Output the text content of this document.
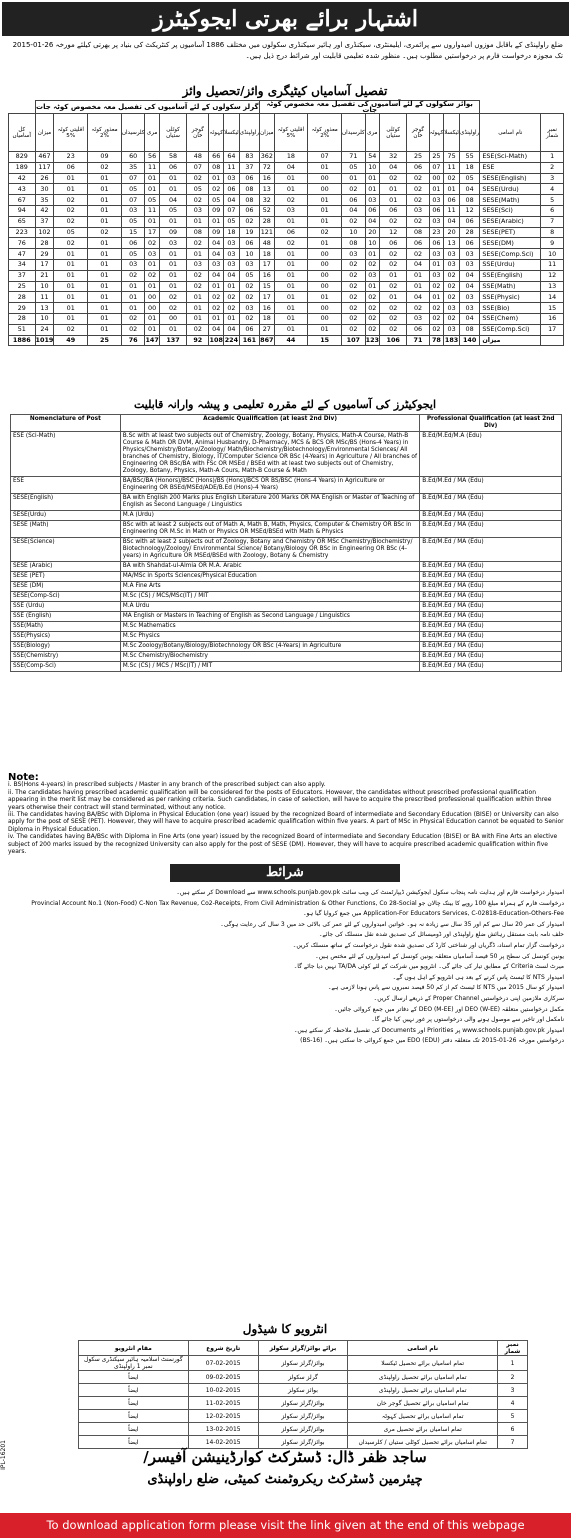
اشتہار برائے بھرتی ایجوکیٹرز
ضلع راولپنڈی کے باقابل موزوں امیدواروں سے پرائمری، ایلیمنٹری، سیکنڈری اور ہائیر سیکنڈری سکولوں میں مختلف 1886 آسامیوں پر کنٹریکٹ کی بنیاد پر بھرتی کیلئے مورخہ 26-01-2015 تک مجوزہ درخواست فارم پر درخواستیں مطلوب ہیں۔ منظور شدہ تعلیمی قابلیت اور شرائط درج ذیل ہیں۔
تفصیل آسامیاں کیٹیگری وائز/تحصیل وائز
	گرلز سکولوں کے لئے آسامیوں کی تفصیل معہ مخصوص کوٹہ جات										بوائز سکولوں کے لئے آسامیوں کی تفصیل معہ مخصوص کوٹہ جات											
کل آسامیاں	میزان	اقلیتی کوٹہ 5%	معذور کوٹہ 2%	کلرسیداں	مری	کوٹلی ستیاں	گوجر خان	کہوٹہ	ٹیکسلا	راولپنڈی	میزان	اقلیتی کوٹہ 5%	معذور کوٹہ 2%	کلرسیداں	مری	کوٹلی ستیاں	گوجر خان	کہوٹہ	ٹیکسلا	راولپنڈی	نام اسامی	نمبر شمار
829	467	23	09	60	56	58	48	66	64	83	362	18	07	71	54	32	25	25	75	55	ESE(Sci-Math)	1
189	117	06	02	35	11	06	07	08	11	37	72	04	01	05	10	04	06	07	11	18	ESE	2
42	26	01	01	07	01	01	02	01	03	06	16	01	00	01	01	02	02	00	02	05	SESE(English)	3
43	30	01	01	05	01	01	05	02	06	08	13	01	00	02	01	01	02	01	01	04	SESE(Urdu)	4
67	35	02	01	07	05	04	02	05	04	08	32	02	01	06	03	01	02	03	06	08	SESE(Math)	5
94	42	02	01	03	11	05	03	09	07	06	52	03	01	04	06	06	03	06	11	12	SESE(Sci)	6
65	37	02	01	05	01	01	01	01	05	02	28	01	01	02	04	02	02	03	04	06	SESE(Arabic)	7
223	102	05	02	15	17	09	08	09	18	19	121	06	02	10	20	12	08	23	20	28	SESE(PET)	8
76	28	02	01	06	02	03	02	04	03	06	48	02	01	08	10	06	06	06	13	06	SESE(DM)	9
47	29	01	01	05	03	01	01	04	03	10	18	01	00	03	01	02	02	03	03	03	SESE(Comp.Sci)	10
34	17	01	01	03	01	01	03	03	03	03	17	01	00	02	02	02	04	01	03	03	SSE(Urdu)	11
37	21	01	01	02	02	01	02	04	04	05	16	01	00	02	03	01	01	03	02	04	SSE(English)	12
25	10	01	01	01	01	01	02	01	01	02	15	01	00	02	01	02	01	02	02	04	SSE(Math)	13
28	11	01	01	01	00	02	01	02	02	02	17	01	01	02	02	01	04	01	02	03	SSE(Physic)	14
29	13	01	01	01	00	02	01	02	02	03	16	01	00	02	02	02	02	02	03	03	SSE(Bio)	15
28	10	01	01	02	01	00	01	01	01	02	18	01	00	02	02	02	03	02	02	04	SSE(Chem)	16
51	24	02	01	02	01	01	02	04	04	06	27	01	01	02	02	02	06	02	03	08	SSE(Comp.Sci)	17
1886	1019	49	25	76	147	137	92	108	224	161	867	44	15	107	123	106	71	78	183	140	میزان	
ایجوکیٹرز کی آسامیوں کے لئے مقررہ تعلیمی و پیشہ وارانہ قابلیت
Nomenclature of Post	Academic Qualification (at least 2nd Div)	Professional Qualification (at least 2nd Div)
ESE (Sci-Math)	B.Sc with at least two subjects out of Chemistry, Zoology, Botany, Physics, Math-A Course, Math-B Course & Math OR DVM, Animal Husbandry, D-Pharmacy, MCS & BCS OR MSc/BS (Hons-4 Years) in Physics/Chemistry/Botany/Zoology/ Math/Biochemistry/Biotechnology/Environmental Sciences/ All branches of Chemistry, Biology, IT/Computer Science OR BSc (4-Years) in Agriculture / All branches of Engineering OR BSc/BA with FSc OR MSEd / BSEd with at least two subjects out of Chemistry, Zoology, Botany, Physics, Math-A Cours, Math-B Course & Math	B.Ed/M.Ed/M.A (Edu)
ESE	BA/BSc/BA (Honors)/BSC (Hons)/BS (Hons)/BCS OR BS/BSC (Hons-4 Years) in Agriculture or Engineering OR BSEd/MSEd/ADE/B.Ed (Hons)-4 Years)	B.Ed/M.Ed / MA (Edu)
SESE(English)	BA with English 200 Marks plus English Literature 200 Marks OR MA English or Master of Teaching of English as Second Language / Linguistics	B.Ed/M.Ed / MA (Edu)
SESE(Urdu)	M.A (Urdu)	B.Ed/M.Ed / MA (Edu)
SESE (Math)	BSc with at least 2 subjects out of Math A, Math B, Math, Physics, Computer & Chemistry OR BSc in Engineering OR M.Sc in Math or Physics OR MSEd/BSEd with Math & Physics	B.Ed/M.Ed / MA (Edu)
SESE(Science)	BSc with at least 2 subjects out of Zoology, Botany and Chemistry OR MSc Chemistry/Biochemistry/ Biotechnology/Zoology/ Environmental Science/ Botany/Biology OR BSc in Engineering OR BSc (4-years) in Agriculture OR MSEd/BSEd with Zoology, Botany & Chemistry	B.Ed/M.Ed / MA (Edu)
SESE (Arabic)	BA with Shahdat-ul-Almia OR M.A. Arabic	B.Ed/M.Ed / MA (Edu)
SESE (PET)	MA/MSc in Sports Sciences/Physical Education	B.Ed/M.Ed / MA (Edu)
SESE (DM)	M.A Fine Arts	B.Ed/M.Ed / MA (Edu)
SESE(Comp-Sci)	M.Sc (CS) / MCS/MSc(IT) / MIT	B.Ed/M.Ed / MA (Edu)
SSE (Urdu)	M.A Urdu	B.Ed/M.Ed / MA (Edu)
SSE (English)	MA English or Masters in Teaching of English as Second Language / Linguistics	B.Ed/M.Ed / MA (Edu)
SSE(Math)	M.Sc Mathematics	B.Ed/M.Ed / MA (Edu)
SSE(Physics)	M.Sc Physics	B.Ed/M.Ed / MA (Edu)
SSE(Biology)	M.Sc Zoology/Botany/Biology/Biotechnology OR BSc (4-Years) in Agriculture	B.Ed/M.Ed / MA (Edu)
SSE(Chemistry)	M.Sc Chemistry/Biochemistry	B.Ed/M.Ed / MA (Edu)
SSE(Comp-Sci)	M.Sc (CS) / MCS / MSc(IT) / MIT	B.Ed/M.Ed / MA (Edu)
Note:
i. BS(Hons 4-years) in prescribed subjects / Master in any branch of the prescribed subject can also apply.
ii. The candidates having prescribed academic qualification will be considered for the posts of Educators. However, the candidates without prescribed professional qualification appearing in the merit list may be considered as per ranking criteria. Such candidates, in case of selection, will have to acquire the prescribed professional qualification within three years otherwise their contract will stand terminated, without any notice.
iii. The candidates having BA/BSc with Diploma in Physical Education (one year) issued by the recognized Board of intermediate and Secondary Education (BISE) or University can also apply for the post of SESE (PET). However, they will have to acquire prescribed academic qualification within five years. A part of MSc in Physical Education cannot be equated to Senior Diploma in Physical Education.
iv. The candidates having BA/BSc with Diploma in Fine Arts (one year) issued by the recognized Board of intermediate and Secondary Education (BISE) or BA with Fine Arts an elective subject of 200 marks issued by the recognized University can also apply for the post of SESE (DM). However, they will have to acquire prescribed academic qualification within five years.
شرائط
امیدوار درخواست فارم اور ہدایت نامہ پنجاب سکول ایجوکیشن ڈیپارٹمنٹ کی ویب سائٹ www.schools.punjab.gov.pk سے Download کر سکتے ہیں۔
درخواست فارم کے ہمراہ مبلغ 100 روپے کا بینک چالان جو Provincial Account No.1 (Non-Food) C-Non Tax Revenue, Co2-Receipts, From Civil Administration & Other Functions, Co 28-Social Application-For Educators Services, C-02818-Education-Others-Fee میں جمع کروایا گیا ہو۔
امیدوار کی عمر 20 سال سے کم اور 35 سال سے زیادہ نہ ہو۔ خواتین امیدواروں کے لئے عمر کی بالائی حد میں 3 سال کی رعایت ہوگی۔
حلف نامہ بابت مستقل رہائش ضلع راولپنڈی اور ڈومیسائل کی تصدیق شدہ نقل منسلک کی جائے۔
درخواست گزار تمام اسناد، ڈگریاں اور شناختی کارڈ کی تصدیق شدہ نقول درخواست کے ساتھ منسلک کریں۔
یونین کونسل کی سطح پر 50 فیصد آسامیاں متعلقہ یونین کونسل کے امیدواروں کے لئے مختص ہیں۔
میرٹ لسٹ Criteria کے مطابق تیار کی جائے گی۔ انٹرویو میں شرکت کے لئے کوئی TA/DA نہیں دیا جائے گا۔
امیدوار NTS کا ٹیسٹ پاس کرنے کے بعد ہی انٹرویو کے اہل ہوں گے۔
امیدوار کو سال 2015 میں NTS کا ٹیسٹ کم از کم 50 فیصد نمبروں سے پاس ہونا لازمی ہے۔
سرکاری ملازمین اپنی درخواستیں Proper Channel کے ذریعے ارسال کریں۔
مکمل درخواستیں متعلقہ DEO (W-EE) اور DEO (M-EE) کے دفاتر میں جمع کروائی جائیں۔
نامکمل اور تاخیر سے موصول ہونے والی درخواستوں پر غور نہیں کیا جائے گا۔
امیدوار www.schools.punjab.gov.pk پر Priorities اور Documents کی تفصیل ملاحظہ کر سکتے ہیں۔
درخواستیں مورخہ 26-01-2015 تک متعلقہ دفتر EDO (EDU) میں جمع کروائی جا سکتی ہیں۔ (BS-16)
انٹرویو کا شیڈول
مقام انٹرویو	تاریخ شروع	برائے بوائز/گرلز سکولز	نام اسامی	نمبر شمار
گورنمنٹ اسلامیہ ہائیر سیکنڈری سکول نمبر 1 راولپنڈی	07-02-2015	بوائز/گرلز سکولز	تمام اسامیاں برائے تحصیل ٹیکسلا	1
ایضاً	09-02-2015	گرلز سکولز	تمام اسامیاں برائے تحصیل راولپنڈی	2
ایضاً	10-02-2015	بوائز سکولز	تمام اسامیاں برائے تحصیل راولپنڈی	3
ایضاً	11-02-2015	بوائز/گرلز سکولز	تمام اسامیاں برائے تحصیل گوجر خان	4
ایضاً	12-02-2015	بوائز/گرلز سکولز	تمام اسامیاں برائے تحصیل کہوٹہ	5
ایضاً	13-02-2015	بوائز/گرلز سکولز	تمام اسامیاں برائے تحصیل مری	6
ایضاً	14-02-2015	بوائز/گرلز سکولز	تمام اسامیاں برائے تحصیل کوٹلی ستیاں / کلرسیداں	7
ساجد ظفر ڈال: ڈسٹرکٹ کوارڈینیشن آفیسر/
چیئرمین ڈسٹرکٹ ریکروٹمنٹ کمیٹی، ضلع راولپنڈی
IPL-16201
To download application form please visit the link given at the end of this webpage
